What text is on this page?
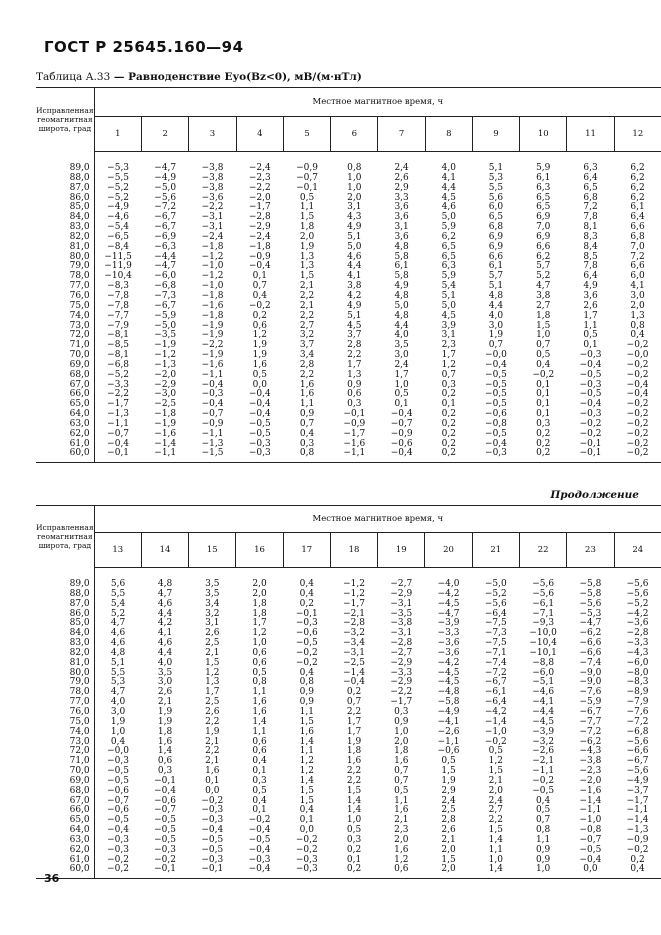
ГОСТ Р 25645.160—94
Таблица А.33 — Равноденствие Eуо(Bz<0), мВ/(м·нТл)
Исправленная геомагнитная широта, град	Местное магнитное время, ч											
	1	2	3	4	5	6	7	8	9	10	11	12
89,0	−5,3	−4,7	−3,8	−2,4	−0,9	0,8	2,4	4,0	5,1	5,9	6,3	6,2
88,0	−5,5	−4,9	−3,8	−2,3	−0,7	1,0	2,6	4,1	5,3	6,1	6,4	6,2
87,0	−5,2	−5,0	−3,8	−2,2	−0,1	1,0	2,9	4,4	5,5	6,3	6,5	6,2
86,0	−5,2	−5,6	−3,6	−2,0	0,5	2,0	3,3	4,5	5,6	6,5	6,8	6,2
85,0	−4,9	−7,2	−2,2	−1,7	1,1	3,1	3,6	4,6	6,0	6,5	7,2	6,1
84,0	−4,6	−6,7	−3,1	−2,8	1,5	4,3	3,6	5,0	6,5	6,9	7,8	6,4
83,0	−5,4	−6,7	−3,1	−2,9	1,8	4,9	3,1	5,9	6,8	7,0	8,1	6,6
82,0	−6,5	−6,9	−2,4	−2,4	2,0	5,1	3,6	6,2	6,9	6,9	8,3	6,8
81,0	−8,4	−6,3	−1,8	−1,8	1,9	5,0	4,8	6,5	6,9	6,6	8,4	7,0
80,0	−11,5	−4,4	−1,2	−0,9	1,3	4,6	5,8	6,5	6,6	6,2	8,5	7,2
79,0	−11,9	−4,7	−1,0	−0,4	1,3	4,4	6,1	6,3	6,1	5,7	7,8	6,6
78,0	−10,4	−6,0	−1,2	0,1	1,5	4,1	5,8	5,9	5,7	5,2	6,4	6,0
77,0	−8,3	−6,8	−1,0	0,7	2,1	3,8	4,9	5,4	5,1	4,7	4,9	4,1
76,0	−7,8	−7,3	−1,8	0,4	2,2	4,2	4,8	5,1	4,8	3,8	3,6	3,0
75,0	−7,8	−6,7	−1,6	−0,2	2,1	4,9	5,0	5,0	4,4	2,7	2,6	2,0
74,0	−7,7	−5,9	−1,8	0,2	2,2	5,1	4,8	4,5	4,0	1,8	1,7	1,3
73,0	−7,9	−5,0	−1,9	0,6	2,7	4,5	4,4	3,9	3,0	1,5	1,1	0,8
72,0	−8,1	−3,5	−1,9	1,2	3,2	3,7	4,0	3,1	1,9	1,0	0,5	0,4
71,0	−8,5	−1,9	−2,2	1,9	3,7	2,8	3,5	2,3	0,7	0,7	0,1	−0,2
70,0	−8,1	−1,2	−1,9	1,9	3,4	2,2	3,0	1,7	−0,0	0,5	−0,3	−0,0
69,0	−6,8	−1,3	−1,6	1,6	2,8	1,7	2,4	1,2	−0,4	0,4	−0,4	−0,2
68,0	−5,2	−2,0	−1,1	0,5	2,2	1,3	1,7	0,7	−0,5	−0,2	−0,5	−0,2
67,0	−3,3	−2,9	−0,4	0,0	1,6	0,9	1,0	0,3	−0,5	0,1	−0,3	−0,4
66,0	−2,2	−3,0	−0,3	−0,4	1,6	0,6	0,5	0,2	−0,5	0,1	−0,5	−0,4
65,0	−1,7	−2,5	−0,4	−0,4	1,1	0,3	0,1	0,1	−0,5	0,1	−0,4	−0,2
64,0	−1,3	−1,8	−0,7	−0,4	0,9	−0,1	−0,4	0,2	−0,6	0,1	−0,3	−0,2
63,0	−1,1	−1,9	−0,9	−0,5	0,7	−0,9	−0,7	0,2	−0,8	0,3	−0,2	−0,2
62,0	−0,7	−1,6	−1,1	−0,5	0,4	−1,7	−0,9	0,2	−0,5	0,2	−0,2	−0,2
61,0	−0,4	−1,4	−1,3	−0,3	0,3	−1,6	−0,6	0,2	−0,4	0,2	−0,1	−0,2
60,0	−0,1	−1,1	−1,5	−0,3	0,8	−1,1	−0,4	0,2	−0,3	0,2	−0,1	−0,2
Продолжение
Исправленная геомагнитная широта, град	Местное магнитное время, ч											
	13	14	15	16	17	18	19	20	21	22	23	24
89,0	5,6	4,8	3,5	2,0	0,4	−1,2	−2,7	−4,0	−5,0	−5,6	−5,8	−5,6
88,0	5,5	4,7	3,5	2,0	0,4	−1,2	−2,9	−4,2	−5,2	−5,6	−5,8	−5,6
87,0	5,4	4,6	3,4	1,8	0,2	−1,7	−3,1	−4,5	−5,6	−6,1	−5,6	−5,2
86,0	5,2	4,4	3,2	1,8	−0,1	−2,1	−3,5	−4,7	−6,4	−7,1	−5,3	−4,2
85,0	4,7	4,2	3,1	1,7	−0,3	−2,8	−3,8	−3,9	−7,5	−9,3	−4,7	−3,6
84,0	4,6	4,1	2,6	1,2	−0,6	−3,2	−3,1	−3,3	−7,3	−10,0	−6,2	−2,8
83,0	4,6	4,6	2,5	1,0	−0,5	−3,4	−2,8	−3,6	−7,5	−10,4	−6,6	−3,3
82,0	4,8	4,4	2,1	0,6	−0,2	−3,1	−2,7	−3,6	−7,1	−10,1	−6,6	−4,3
81,0	5,1	4,0	1,5	0,6	−0,2	−2,5	−2,9	−4,2	−7,4	−8,8	−7,4	−6,0
80,0	5,5	3,5	1,2	0,5	0,4	−1,4	−3,3	−4,5	−7,2	−6,0	−9,0	−8,0
79,0	5,3	3,0	1,3	0,8	0,8	−0,4	−2,9	−4,5	−6,7	−5,1	−9,0	−8,3
78,0	4,7	2,6	1,7	1,1	0,9	0,2	−2,2	−4,8	−6,1	−4,6	−7,6	−8,9
77,0	4,0	2,1	2,5	1,6	0,9	0,7	−1,7	−5,8	−6,4	−4,1	−5,9	−7,9
76,0	3,0	1,9	2,6	1,6	1,1	2,2	0,3	−4,9	−4,2	−4,4	−6,7	−7,6
75,0	1,9	1,9	2,2	1,4	1,5	1,7	0,9	−4,1	−1,4	−4,5	−7,7	−7,2
74,0	1,0	1,8	1,9	1,1	1,6	1,7	1,0	−2,6	−1,0	−3,9	−7,2	−6,8
73,0	0,4	1,6	2,1	0,6	1,4	1,9	2,0	−1,1	−0,2	−3,2	−6,2	−5,6
72,0	−0,0	1,4	2,2	0,6	1,1	1,8	1,8	−0,6	0,5	−2,6	−4,3	−6,6
71,0	−0,3	0,6	2,1	0,4	1,2	1,6	1,6	0,5	1,2	−2,1	−3,8	−6,7
70,0	−0,5	0,3	1,6	0,1	1,2	2,2	0,7	1,5	1,5	−1,1	−2,3	−5,6
69,0	−0,5	−0,1	0,1	0,3	1,4	2,2	0,7	1,9	2,1	−0,2	−2,0	−4,9
68,0	−0,6	−0,4	0,0	0,5	1,5	1,5	0,5	2,9	2,0	−0,5	−1,6	−3,7
67,0	−0,7	−0,6	−0,2	0,4	1,5	1,4	1,1	2,4	2,4	0,4	−1,4	−1,7
66,0	−0,6	−0,7	−0,3	0,1	0,4	1,4	1,6	2,5	2,7	0,5	−1,1	−1,1
65,0	−0,5	−0,5	−0,3	−0,2	0,1	1,0	2,1	2,8	2,2	0,7	−1,0	−1,4
64,0	−0,4	−0,5	−0,4	−0,4	0,0	0,5	2,3	2,6	1,5	0,8	−0,8	−1,3
63,0	−0,3	−0,5	−0,5	−0,5	−0,2	0,3	2,0	2,1	1,4	1,1	−0,7	−0,9
62,0	−0,3	−0,3	−0,5	−0,4	−0,2	0,2	1,6	2,0	1,1	0,9	−0,5	−0,2
61,0	−0,2	−0,2	−0,3	−0,3	−0,3	0,1	1,2	1,5	1,0	0,9	−0,4	0,2
60,0	−0,2	−0,1	−0,1	−0,4	−0,3	0,2	0,6	2,0	1,4	1,0	0,0	0,4
36
